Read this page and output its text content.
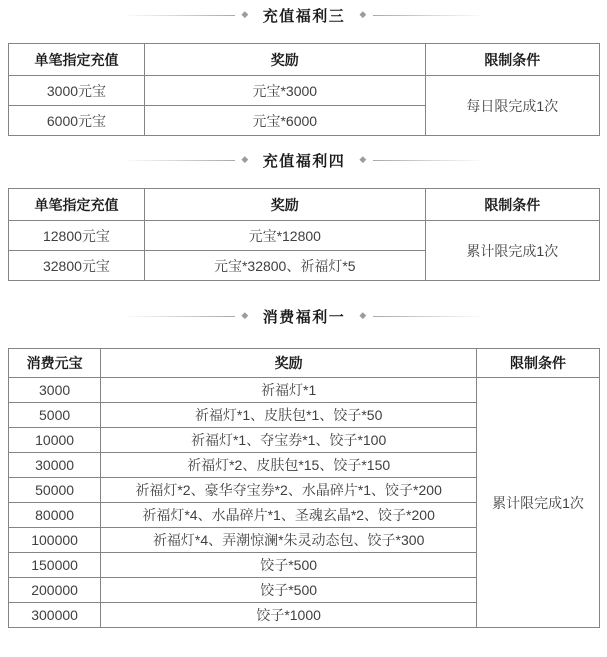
◆ 充值福利三 ◆
单笔指定充值	奖励	限制条件
3000元宝	元宝*3000	每日限完成1次
6000元宝	元宝*6000	
◆ 充值福利四 ◆
单笔指定充值	奖励	限制条件
12800元宝	元宝*12800	累计限完成1次
32800元宝	元宝*32800、祈福灯*5	
◆ 消费福利一 ◆
消费元宝	奖励	限制条件
3000	祈福灯*1	累计限完成1次
5000	祈福灯*1、皮肤包*1、饺子*50	
10000	祈福灯*1、夺宝券*1、饺子*100	
30000	祈福灯*2、皮肤包*15、饺子*150	
50000	祈福灯*2、豪华夺宝券*2、水晶碎片*1、饺子*200	
80000	祈福灯*4、水晶碎片*1、圣魂玄晶*2、饺子*200	
100000	祈福灯*4、弄潮惊澜*朱灵动态包、饺子*300	
150000	饺子*500	
200000	饺子*500	
300000	饺子*1000	
